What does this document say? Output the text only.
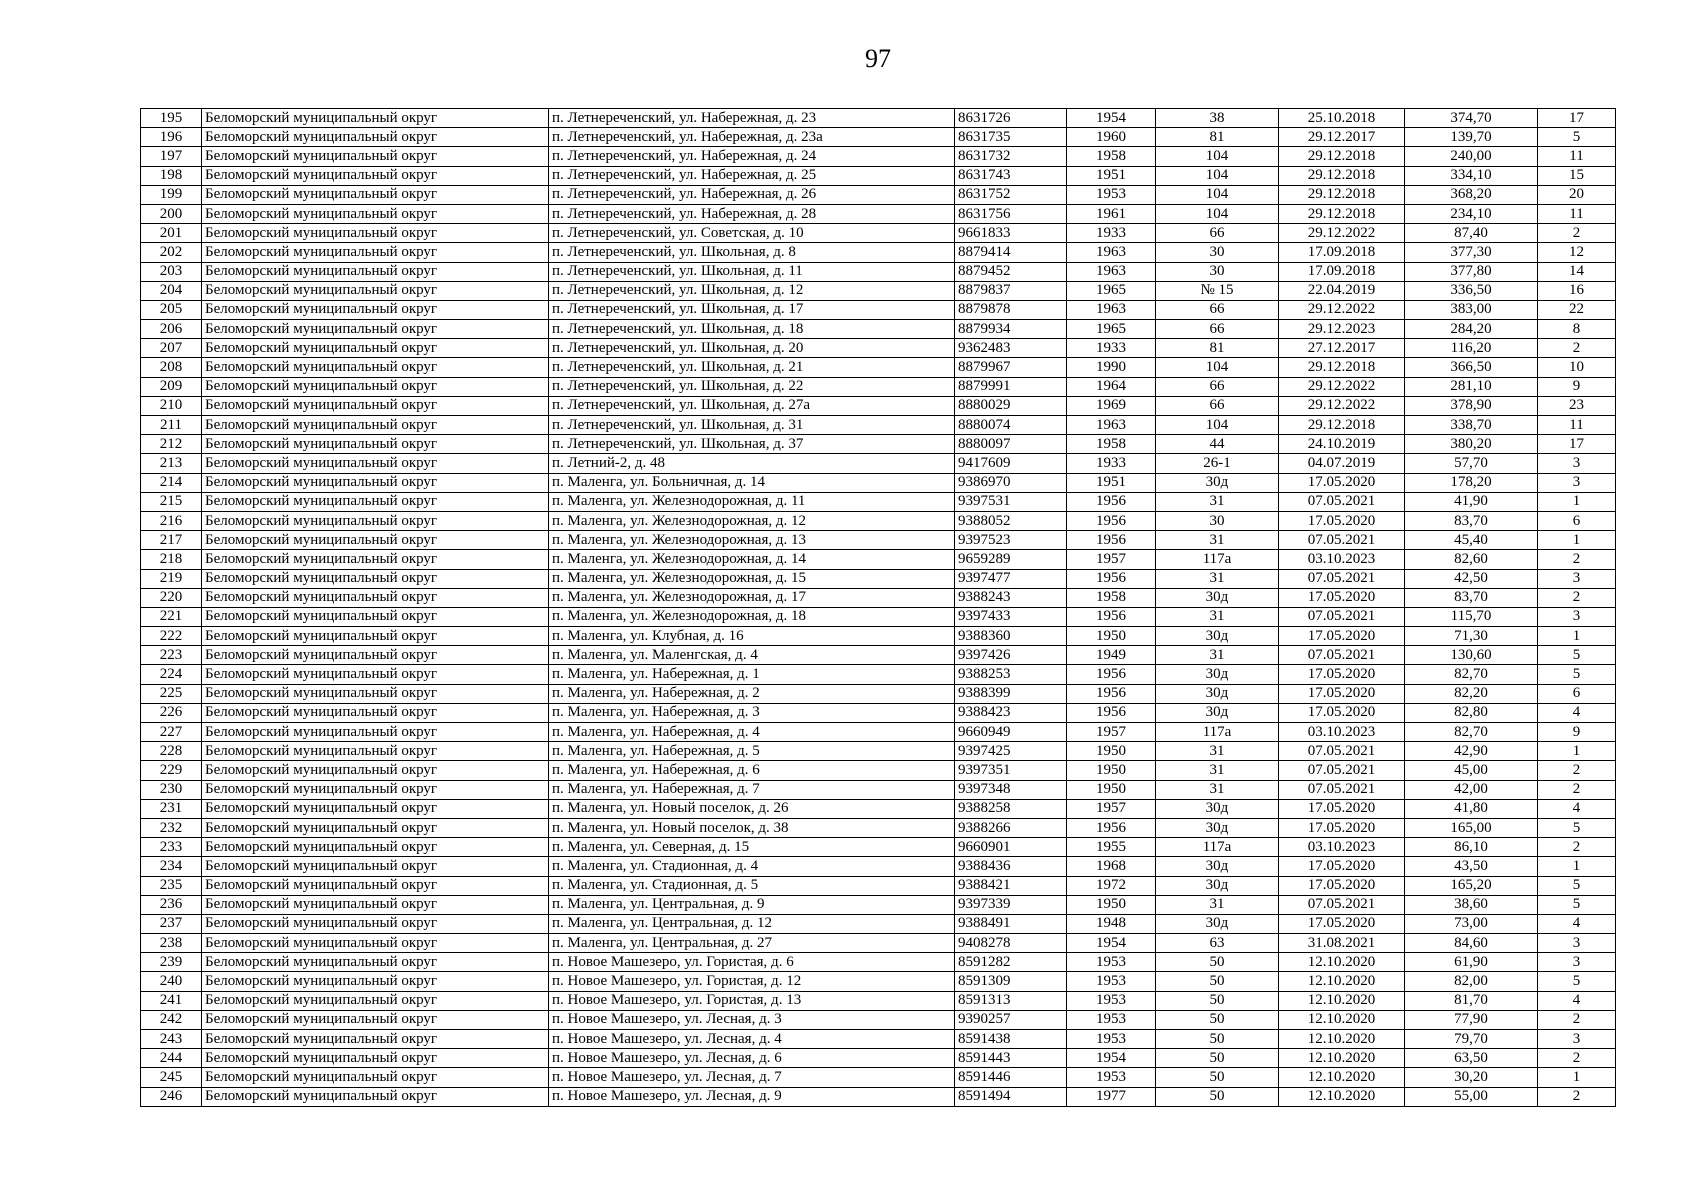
97
195	Беломорский муниципальный округ	п. Летнереченский, ул. Набережная, д. 23	8631726	1954	38	25.10.2018	374,70	17
196	Беломорский муниципальный округ	п. Летнереченский, ул. Набережная, д. 23а	8631735	1960	81	29.12.2017	139,70	5
197	Беломорский муниципальный округ	п. Летнереченский, ул. Набережная, д. 24	8631732	1958	104	29.12.2018	240,00	11
198	Беломорский муниципальный округ	п. Летнереченский, ул. Набережная, д. 25	8631743	1951	104	29.12.2018	334,10	15
199	Беломорский муниципальный округ	п. Летнереченский, ул. Набережная, д. 26	8631752	1953	104	29.12.2018	368,20	20
200	Беломорский муниципальный округ	п. Летнереченский, ул. Набережная, д. 28	8631756	1961	104	29.12.2018	234,10	11
201	Беломорский муниципальный округ	п. Летнереченский, ул. Советская, д. 10	9661833	1933	66	29.12.2022	87,40	2
202	Беломорский муниципальный округ	п. Летнереченский, ул. Школьная, д. 8	8879414	1963	30	17.09.2018	377,30	12
203	Беломорский муниципальный округ	п. Летнереченский, ул. Школьная, д. 11	8879452	1963	30	17.09.2018	377,80	14
204	Беломорский муниципальный округ	п. Летнереченский, ул. Школьная, д. 12	8879837	1965	№ 15	22.04.2019	336,50	16
205	Беломорский муниципальный округ	п. Летнереченский, ул. Школьная, д. 17	8879878	1963	66	29.12.2022	383,00	22
206	Беломорский муниципальный округ	п. Летнереченский, ул. Школьная, д. 18	8879934	1965	66	29.12.2023	284,20	8
207	Беломорский муниципальный округ	п. Летнереченский, ул. Школьная, д. 20	9362483	1933	81	27.12.2017	116,20	2
208	Беломорский муниципальный округ	п. Летнереченский, ул. Школьная, д. 21	8879967	1990	104	29.12.2018	366,50	10
209	Беломорский муниципальный округ	п. Летнереченский, ул. Школьная, д. 22	8879991	1964	66	29.12.2022	281,10	9
210	Беломорский муниципальный округ	п. Летнереченский, ул. Школьная, д. 27а	8880029	1969	66	29.12.2022	378,90	23
211	Беломорский муниципальный округ	п. Летнереченский, ул. Школьная, д. 31	8880074	1963	104	29.12.2018	338,70	11
212	Беломорский муниципальный округ	п. Летнереченский, ул. Школьная, д. 37	8880097	1958	44	24.10.2019	380,20	17
213	Беломорский муниципальный округ	п. Летний-2, д. 48	9417609	1933	26-1	04.07.2019	57,70	3
214	Беломорский муниципальный округ	п. Маленга, ул. Больничная, д. 14	9386970	1951	30д	17.05.2020	178,20	3
215	Беломорский муниципальный округ	п. Маленга, ул. Железнодорожная, д. 11	9397531	1956	31	07.05.2021	41,90	1
216	Беломорский муниципальный округ	п. Маленга, ул. Железнодорожная, д. 12	9388052	1956	30	17.05.2020	83,70	6
217	Беломорский муниципальный округ	п. Маленга, ул. Железнодорожная, д. 13	9397523	1956	31	07.05.2021	45,40	1
218	Беломорский муниципальный округ	п. Маленга, ул. Железнодорожная, д. 14	9659289	1957	117а	03.10.2023	82,60	2
219	Беломорский муниципальный округ	п. Маленга, ул. Железнодорожная, д. 15	9397477	1956	31	07.05.2021	42,50	3
220	Беломорский муниципальный округ	п. Маленга, ул. Железнодорожная, д. 17	9388243	1958	30д	17.05.2020	83,70	2
221	Беломорский муниципальный округ	п. Маленга, ул. Железнодорожная, д. 18	9397433	1956	31	07.05.2021	115,70	3
222	Беломорский муниципальный округ	п. Маленга, ул. Клубная, д. 16	9388360	1950	30д	17.05.2020	71,30	1
223	Беломорский муниципальный округ	п. Маленга, ул. Маленгская, д. 4	9397426	1949	31	07.05.2021	130,60	5
224	Беломорский муниципальный округ	п. Маленга, ул. Набережная, д. 1	9388253	1956	30д	17.05.2020	82,70	5
225	Беломорский муниципальный округ	п. Маленга, ул. Набережная, д. 2	9388399	1956	30д	17.05.2020	82,20	6
226	Беломорский муниципальный округ	п. Маленга, ул. Набережная, д. 3	9388423	1956	30д	17.05.2020	82,80	4
227	Беломорский муниципальный округ	п. Маленга, ул. Набережная, д. 4	9660949	1957	117а	03.10.2023	82,70	9
228	Беломорский муниципальный округ	п. Маленга, ул. Набережная, д. 5	9397425	1950	31	07.05.2021	42,90	1
229	Беломорский муниципальный округ	п. Маленга, ул. Набережная, д. 6	9397351	1950	31	07.05.2021	45,00	2
230	Беломорский муниципальный округ	п. Маленга, ул. Набережная, д. 7	9397348	1950	31	07.05.2021	42,00	2
231	Беломорский муниципальный округ	п. Маленга, ул. Новый поселок, д. 26	9388258	1957	30д	17.05.2020	41,80	4
232	Беломорский муниципальный округ	п. Маленга, ул. Новый поселок, д. 38	9388266	1956	30д	17.05.2020	165,00	5
233	Беломорский муниципальный округ	п. Маленга, ул. Северная, д. 15	9660901	1955	117а	03.10.2023	86,10	2
234	Беломорский муниципальный округ	п. Маленга, ул. Стадионная, д. 4	9388436	1968	30д	17.05.2020	43,50	1
235	Беломорский муниципальный округ	п. Маленга, ул. Стадионная, д. 5	9388421	1972	30д	17.05.2020	165,20	5
236	Беломорский муниципальный округ	п. Маленга, ул. Центральная, д. 9	9397339	1950	31	07.05.2021	38,60	5
237	Беломорский муниципальный округ	п. Маленга, ул. Центральная, д. 12	9388491	1948	30д	17.05.2020	73,00	4
238	Беломорский муниципальный округ	п. Маленга, ул. Центральная, д. 27	9408278	1954	63	31.08.2021	84,60	3
239	Беломорский муниципальный округ	п. Новое Машезеро, ул. Гористая, д. 6	8591282	1953	50	12.10.2020	61,90	3
240	Беломорский муниципальный округ	п. Новое Машезеро, ул. Гористая, д. 12	8591309	1953	50	12.10.2020	82,00	5
241	Беломорский муниципальный округ	п. Новое Машезеро, ул. Гористая, д. 13	8591313	1953	50	12.10.2020	81,70	4
242	Беломорский муниципальный округ	п. Новое Машезеро, ул. Лесная, д. 3	9390257	1953	50	12.10.2020	77,90	2
243	Беломорский муниципальный округ	п. Новое Машезеро, ул. Лесная, д. 4	8591438	1953	50	12.10.2020	79,70	3
244	Беломорский муниципальный округ	п. Новое Машезеро, ул. Лесная, д. 6	8591443	1954	50	12.10.2020	63,50	2
245	Беломорский муниципальный округ	п. Новое Машезеро, ул. Лесная, д. 7	8591446	1953	50	12.10.2020	30,20	1
246	Беломорский муниципальный округ	п. Новое Машезеро, ул. Лесная, д. 9	8591494	1977	50	12.10.2020	55,00	2
